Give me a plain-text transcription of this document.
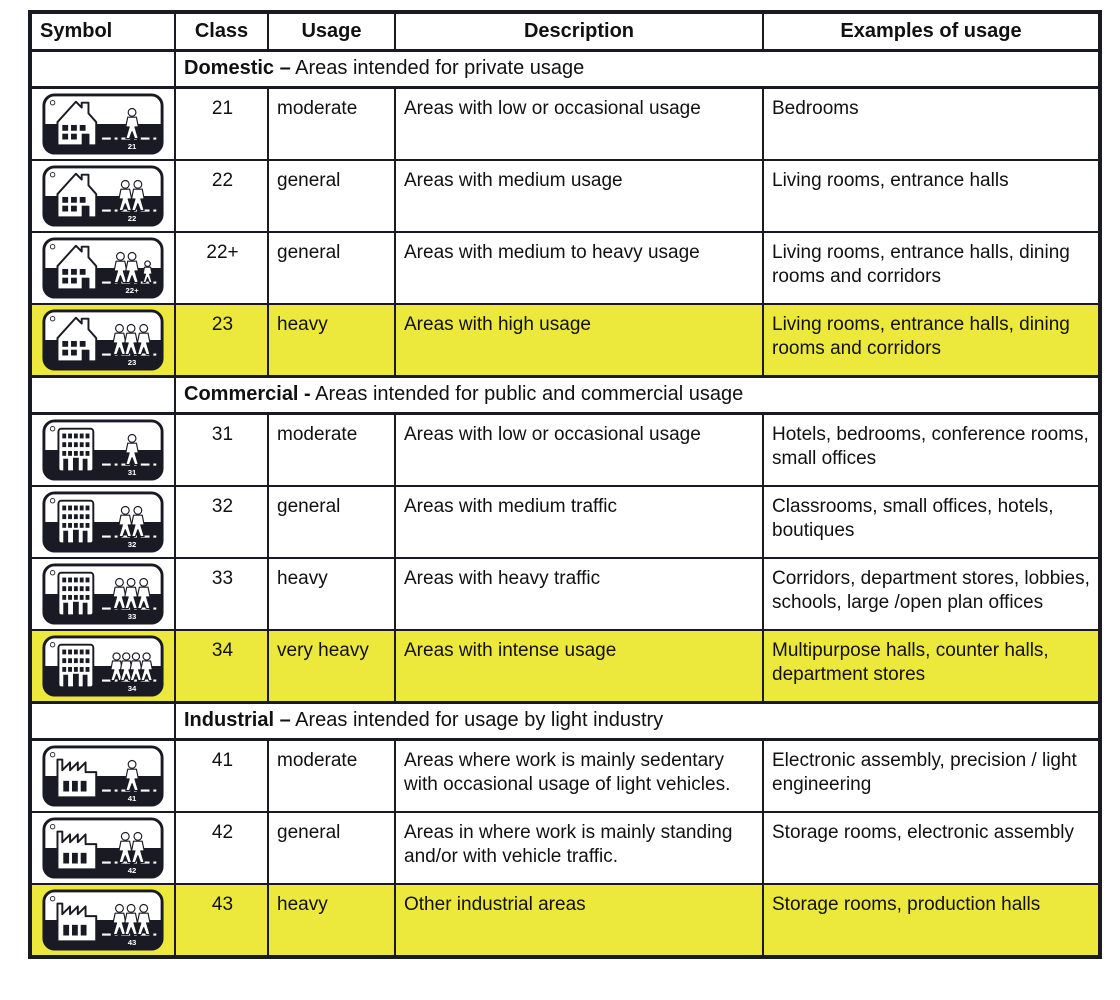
Symbol	Class	Usage	Description	Examples of usage
	Domestic – Areas intended for private usage			

21	21	moderate	Areas with low or occasional usage	Bedrooms

22	22	general	Areas with medium usage	Living rooms, entrance halls

22+	22+	general	Areas with medium to heavy usage	Living rooms, entrance halls, dining rooms and corridors

23	23	heavy	Areas with high usage	Living rooms, entrance halls, dining rooms and corridors
	Commercial - Areas intended for public and commercial usage			

31	31	moderate	Areas with low or occasional usage	Hotels, bedrooms, conference rooms, small offices

32	32	general	Areas with medium traffic	Classrooms, small offices, hotels, boutiques

33	33	heavy	Areas with heavy traffic	Corridors, department stores, lobbies, schools, large /open plan offices

34	34	very heavy	Areas with intense usage	Multipurpose halls, counter halls, department stores
	Industrial – Areas intended for usage by light industry			

41	41	moderate	Areas where work is mainly sedentary with occasional usage of light vehicles.	Electronic assembly, precision / light engineering

42	42	general	Areas in where work is mainly standing and/or with vehicle traffic.	Storage rooms, electronic assembly

43	43	heavy	Other industrial areas	Storage rooms, production halls
